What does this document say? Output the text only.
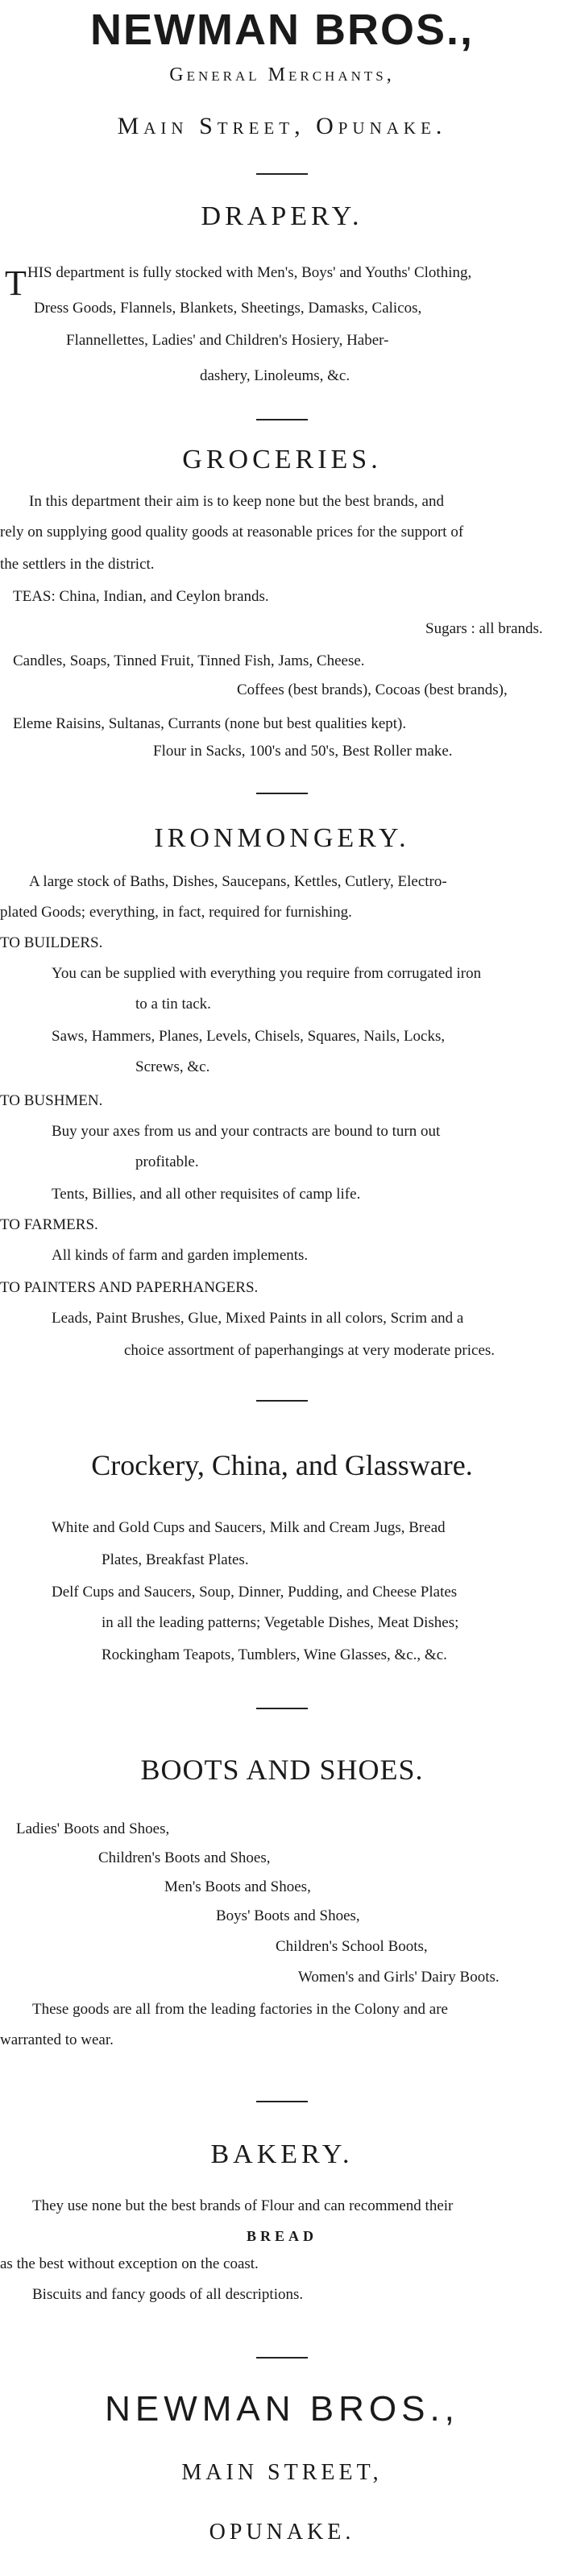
NEWMAN BROS.,
General Merchants,
Main Street, Opunake.
DRAPERY.
T HIS department is fully stocked with Men's, Boys' and Youths' Clothing,
Dress Goods, Flannels, Blankets, Sheetings, Damasks, Calicos,
Flannellettes, Ladies' and Children's Hosiery, Haber-
dashery, Linoleums, &c.
GROCERIES.
In this department their aim is to keep none but the best brands, and
rely on supplying good quality goods at reasonable prices for the support of
the settlers in the district.
TEAS: China, Indian, and Ceylon brands.
Sugars : all brands.
Candles, Soaps, Tinned Fruit, Tinned Fish, Jams, Cheese.
Coffees (best brands), Cocoas (best brands),
Eleme Raisins, Sultanas, Currants (none but best qualities kept).
Flour in Sacks, 100's and 50's, Best Roller make.
IRONMONGERY.
A large stock of Baths, Dishes, Saucepans, Kettles, Cutlery, Electro-
plated Goods; everything, in fact, required for furnishing.
TO BUILDERS.
You can be supplied with everything you require from corrugated iron
to a tin tack.
Saws, Hammers, Planes, Levels, Chisels, Squares, Nails, Locks,
Screws, &c.
TO BUSHMEN.
Buy your axes from us and your contracts are bound to turn out
profitable.
Tents, Billies, and all other requisites of camp life.
TO FARMERS.
All kinds of farm and garden implements.
TO PAINTERS AND PAPERHANGERS.
Leads, Paint Brushes, Glue, Mixed Paints in all colors, Scrim and a
choice assortment of paperhangings at very moderate prices.
Crockery, China, and Glassware.
White and Gold Cups and Saucers, Milk and Cream Jugs, Bread
Plates, Breakfast Plates.
Delf Cups and Saucers, Soup, Dinner, Pudding, and Cheese Plates
in all the leading patterns; Vegetable Dishes, Meat Dishes;
Rockingham Teapots, Tumblers, Wine Glasses, &c., &c.
BOOTS AND SHOES.
Ladies' Boots and Shoes,
Children's Boots and Shoes,
Men's Boots and Shoes,
Boys' Boots and Shoes,
Children's School Boots,
Women's and Girls' Dairy Boots.
These goods are all from the leading factories in the Colony and are
warranted to wear.
BAKERY.
They use none but the best brands of Flour and can recommend their
BREAD
as the best without exception on the coast.
Biscuits and fancy goods of all descriptions.
NEWMAN BROS.,
MAIN STREET,
OPUNAKE.
